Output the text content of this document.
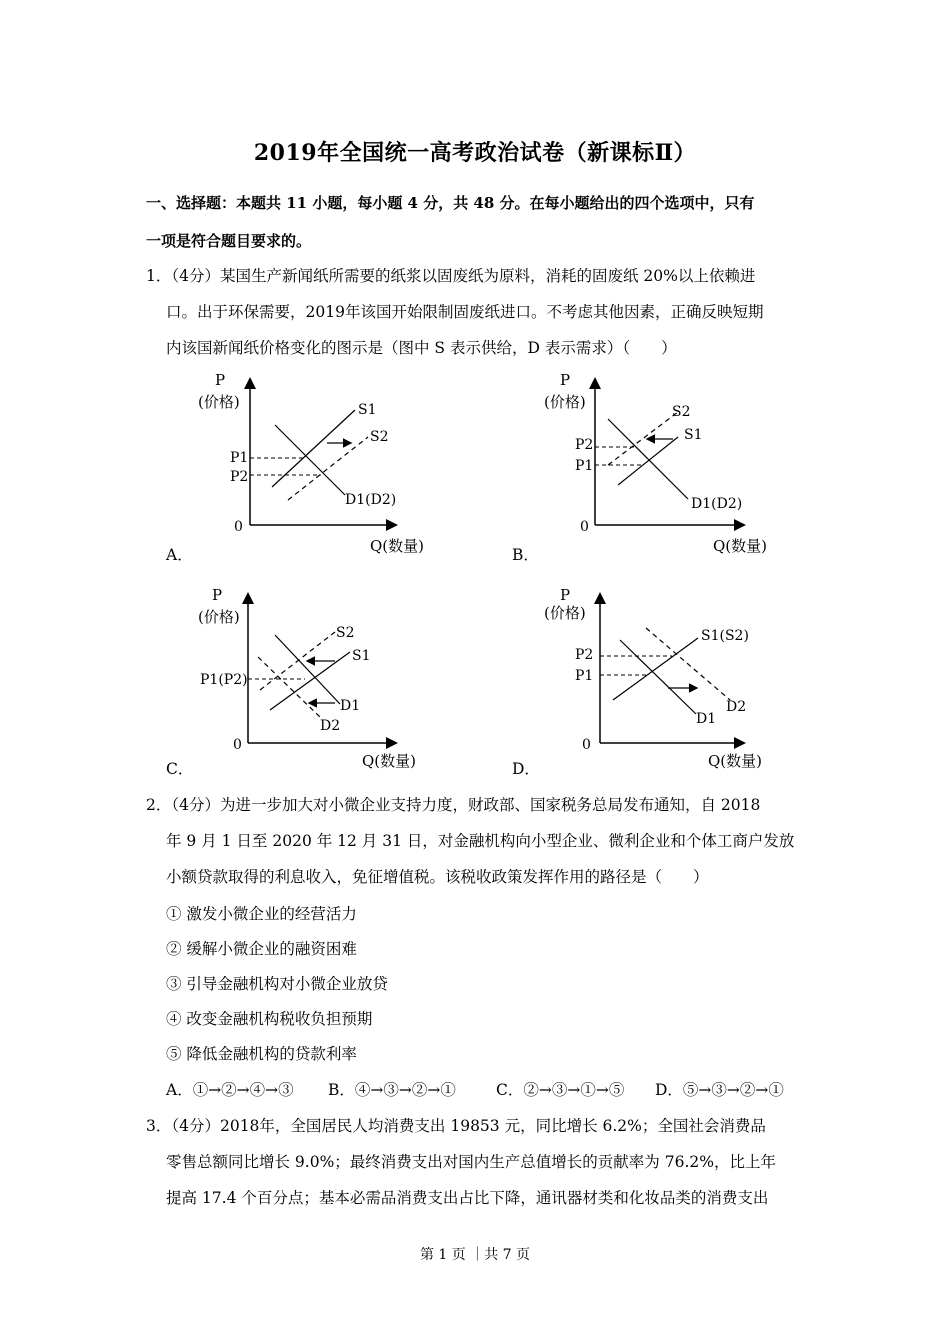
2019年全国统一高考政治试卷（新课标Ⅱ）
一、选择题：本题共 11 小题，每小题 4 分，共 48 分。在每小题给出的四个选项中，只有
一项是符合题目要求的。
1．（4分）某国生产新闻纸所需要的纸浆以固废纸为原料，消耗的固废纸 20%以上依赖进
口。出于环保需要，2019年该国开始限制固废纸进口。不考虑其他因素，正确反映短期
内该国新闻纸价格变化的图示是（图中 S 表示供给，D 表示需求）（　　）
P
(价格)
0
Q(数量)
S1
S2
D1(D2)
P1
P2
A．
P
(价格)
0
Q(数量)
S1
S2
D1(D2)
P2
P1
B．
P
(价格)
0
Q(数量)
S1
S2
D1
D2
P1(P2)
C．
P
(价格)
0
Q(数量)
S1(S2)
D1
D2
P2
P1
D．
2．（4分）为进一步加大对小微企业支持力度，财政部、国家税务总局发布通知，自 2018
年 9 月 1 日至 2020 年 12 月 31 日，对金融机构向小型企业、微利企业和个体工商户发放
小额贷款取得的利息收入，免征增值税。该税收政策发挥作用的路径是（　　）
① 激发小微企业的经营活力
② 缓解小微企业的融资困难
③ 引导金融机构对小微企业放贷
④ 改变金融机构税收负担预期
⑤ 降低金融机构的贷款利率
A．①→②→④→③ B．④→③→②→①	C．②→③→①→⑤ D．⑤→③→②→①
3．（4分）2018年，全国居民人均消费支出 19853 元，同比增长 6.2%；全国社会消费品
零售总额同比增长 9.0%；最终消费支出对国内生产总值增长的贡献率为 76.2%，比上年
提高 17.4 个百分点；基本必需品消费支出占比下降，通讯器材类和化妆品类的消费支出
第 1 页 ｜共 7 页
